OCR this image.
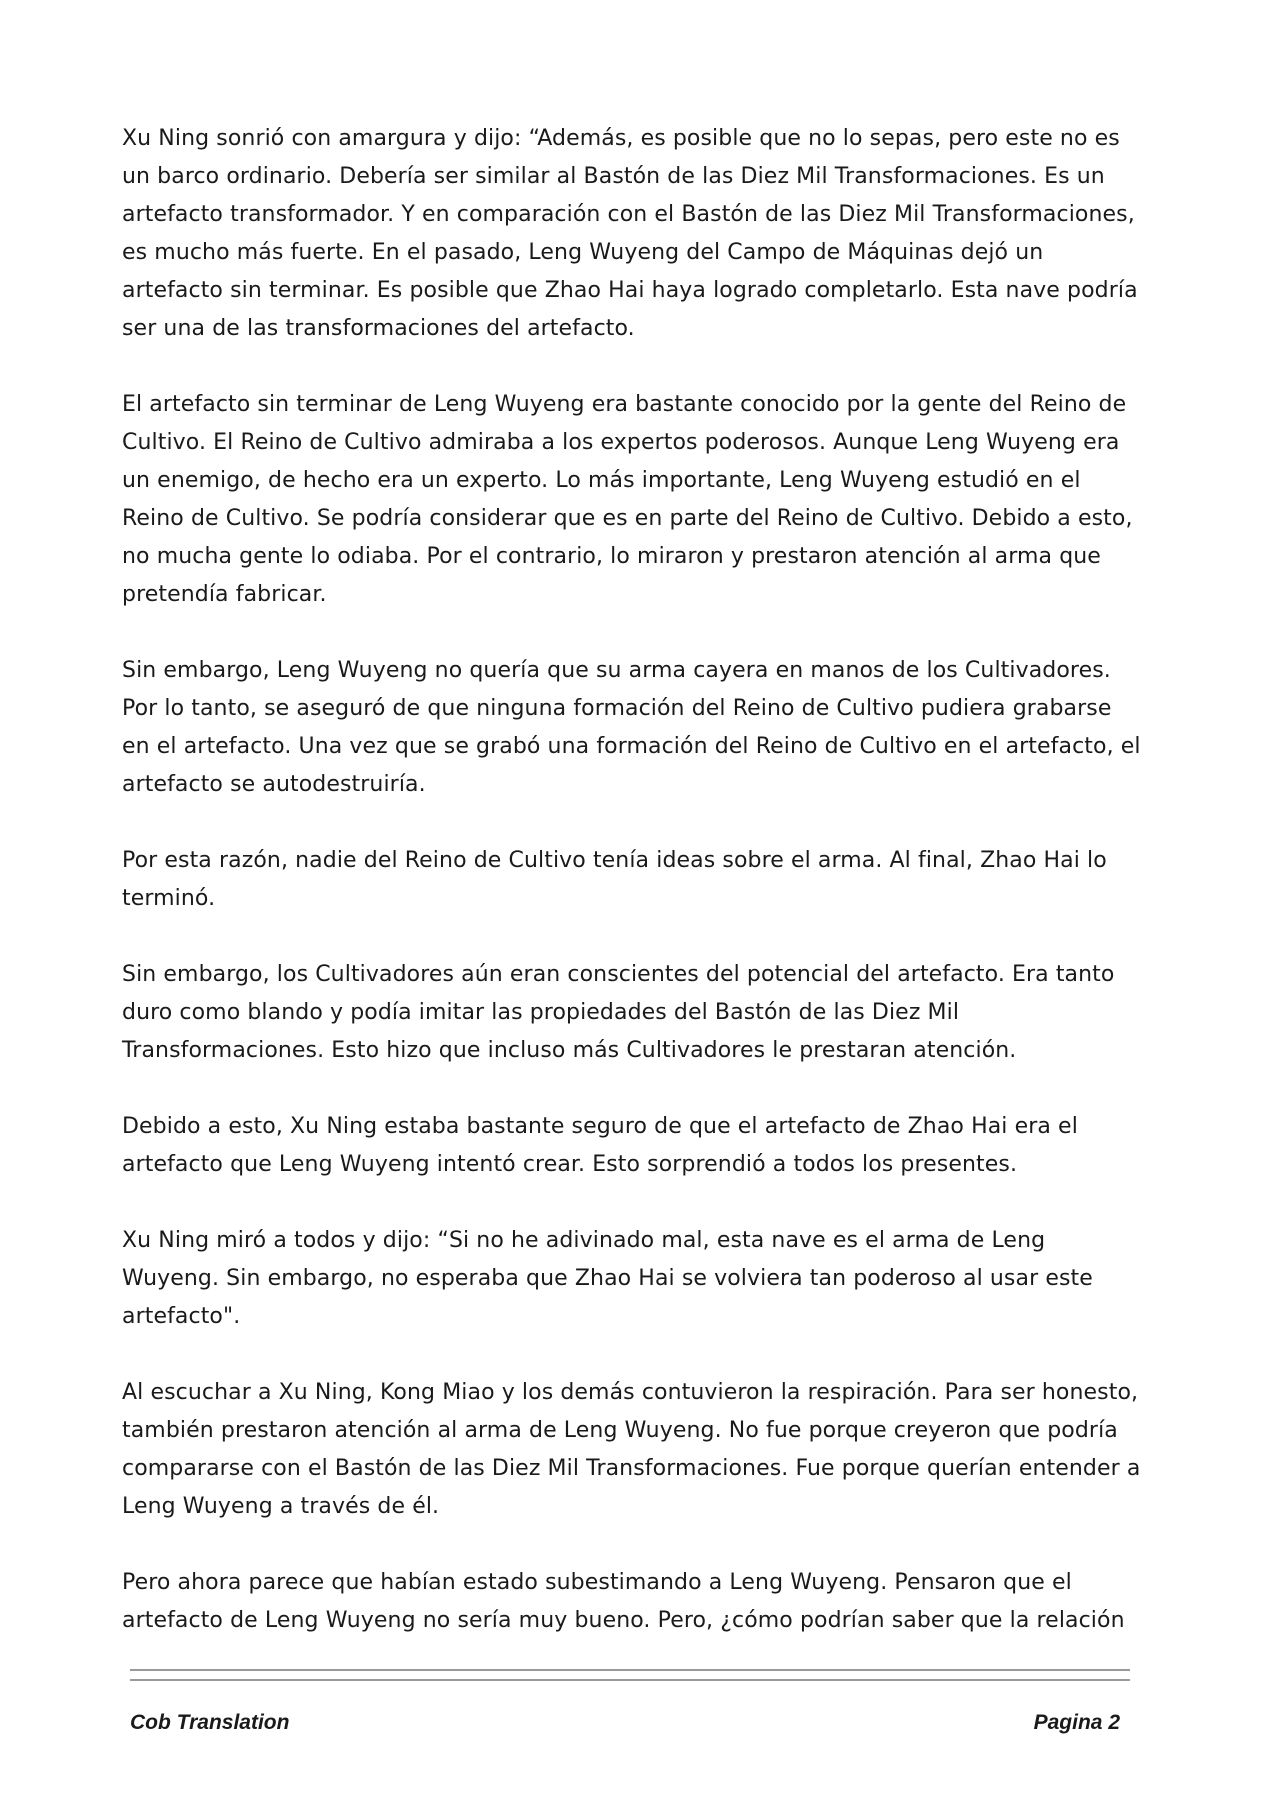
Xu Ning sonrió con amargura y dijo: “Además, es posible que no lo sepas, pero este no es un barco ordinario. Debería ser similar al Bastón de las Diez Mil Transformaciones. Es un artefacto transformador. Y en comparación con el Bastón de las Diez Mil Transformaciones, es mucho más fuerte. En el pasado, Leng Wuyeng del Campo de Máquinas dejó un artefacto sin terminar. Es posible que Zhao Hai haya logrado completarlo. Esta nave podría ser una de las transformaciones del artefacto.

El artefacto sin terminar de Leng Wuyeng era bastante conocido por la gente del Reino de Cultivo. El Reino de Cultivo admiraba a los expertos poderosos. Aunque Leng Wuyeng era un enemigo, de hecho era un experto. Lo más importante, Leng Wuyeng estudió en el Reino de Cultivo. Se podría considerar que es en parte del Reino de Cultivo. Debido a esto, no mucha gente lo odiaba. Por el contrario, lo miraron y prestaron atención al arma que pretendía fabricar.

Sin embargo, Leng Wuyeng no quería que su arma cayera en manos de los Cultivadores. Por lo tanto, se aseguró de que ninguna formación del Reino de Cultivo pudiera grabarse en el artefacto. Una vez que se grabó una formación del Reino de Cultivo en el artefacto, el artefacto se autodestruiría.

Por esta razón, nadie del Reino de Cultivo tenía ideas sobre el arma. Al final, Zhao Hai lo terminó.

Sin embargo, los Cultivadores aún eran conscientes del potencial del artefacto. Era tanto duro como blando y podía imitar las propiedades del Bastón de las Diez Mil Transformaciones. Esto hizo que incluso más Cultivadores le prestaran atención.

Debido a esto, Xu Ning estaba bastante seguro de que el artefacto de Zhao Hai era el artefacto que Leng Wuyeng intentó crear. Esto sorprendió a todos los presentes.

Xu Ning miró a todos y dijo: “Si no he adivinado mal, esta nave es el arma de Leng Wuyeng. Sin embargo, no esperaba que Zhao Hai se volviera tan poderoso al usar este artefacto".

Al escuchar a Xu Ning, Kong Miao y los demás contuvieron la respiración. Para ser honesto, también prestaron atención al arma de Leng Wuyeng. No fue porque creyeron que podría compararse con el Bastón de las Diez Mil Transformaciones. Fue porque querían entender a Leng Wuyeng a través de él.

Pero ahora parece que habían estado subestimando a Leng Wuyeng. Pensaron que el artefacto de Leng Wuyeng no sería muy bueno. Pero, ¿cómo podrían saber que la relación

Cob Translation	Pagina 2
